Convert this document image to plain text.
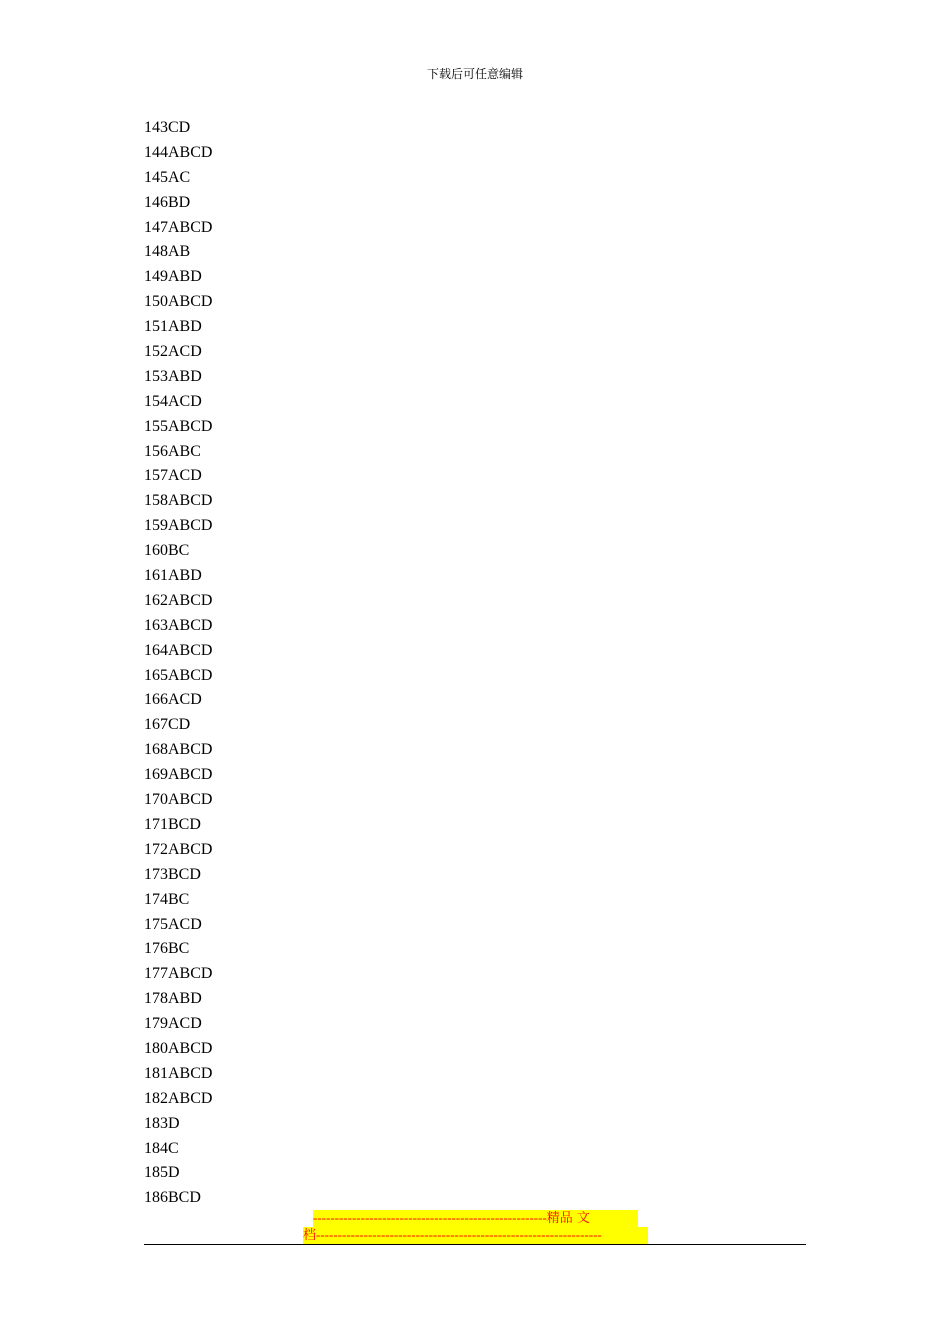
下载后可任意编辑
143CD
144ABCD
145AC
146BD
147ABCD
148AB
149ABD
150ABCD
151ABD
152ACD
153ABD
154ACD
155ABCD
156ABC
157ACD
158ABCD
159ABCD
160BC
161ABD
162ABCD
163ABCD
164ABCD
165ABCD
166ACD
167CD
168ABCD
169ABCD
170ABCD
171BCD
172ABCD
173BCD
174BC
175ACD
176BC
177ABCD
178ABD
179ACD
180ABCD
181ABCD
182ABCD
183D
184C
185D
186BCD
------------------------------------------------------精品 文
档------------------------------------------------------------------
